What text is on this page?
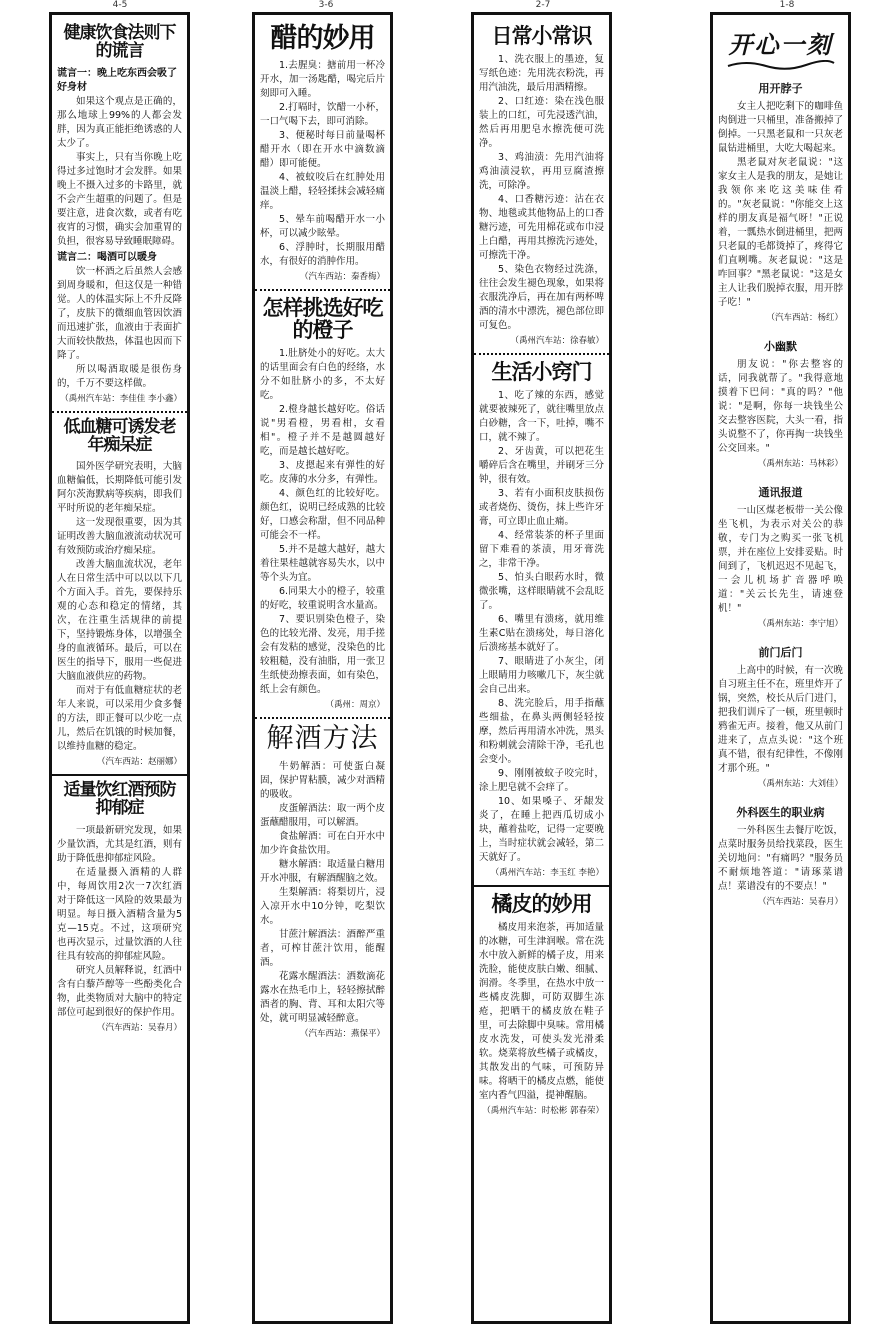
4-5	3-6	2-7	1-8
健康饮食法则下的谎言

谎言一：晚上吃东西会吸了好身材

如果这个观点是正确的，那么地球上99%的人都会发胖，因为真正能拒绝诱惑的人太少了。

事实上，只有当你晚上吃得过多过饱时才会发胖。如果晚上不摄入过多的卡路里，就不会产生超重的问题了。但是要注意，进食次数，或者有吃夜宵的习惯，确实会加重胃的负担，很容易导致睡眠障碍。

谎言二：喝酒可以暖身

饮一杯酒之后虽然人会感到周身暖和，但这仅是一种错觉。人的体温实际上不升反降了，皮肤下的微细血管因饮酒而迅速扩张，血液由于表面扩大而较快散热，体温也因而下降了。

所以喝酒取暖是很伤身的，千万不要这样做。

（禹州汽车站：李佳佳 李小鑫）

低血糖可诱发老年痴呆症

国外医学研究表明，大脑血糖偏低，长期降低可能引发阿尔茨海默病等疾病，即我们平时所说的老年痴呆症。

这一发现很重要，因为其证明改善大脑血液流动状况可有效预防或治疗痴呆症。

改善大脑血流状况，老年人在日常生活中可以以以下几个方面入手。首先，要保持乐观的心态和稳定的情绪，其次，在注重生活规律的前提下，坚持锻炼身体，以增强全身的血液循环。最后，可以在医生的指导下，服用一些促进大脑血液供应的药物。

而对于有低血糖症状的老年人来说，可以采用少食多餐的方法，即正餐可以少吃一点儿，然后在饥饿的时候加餐，以维持血糖的稳定。

（汽车西站：赵丽娜）

适量饮红酒预防抑郁症

一项最新研究发现，如果少量饮酒，尤其是红酒，则有助于降低患抑郁症风险。

在适量摄入酒精的人群中，每周饮用2次一7次红酒对于降低这一风险的效果最为明显。每日摄入酒精含量为5克—15克。不过，这项研究也再次显示，过量饮酒的人往往具有较高的抑郁症风险。

研究人员解释说，红酒中含有白藜芦醇等一些酚类化合物，此类物质对大脑中的特定部位可起到很好的保护作用。

（汽车西站：吴春月）

醋的妙用

1.去腥臭：搪前用一杯冷开水，加一汤匙醋，喝完后片刻即可入睡。

2.打嗝时，饮醋一小杯，一口气喝下去，即可消除。

3、便秘时每日前量喝杯醋开水（即在开水中滴数滴醋）即可能便。

4、被蚊咬后在红肿处用温淡上醋，轻轻揉抹会减轻痛痒。

5、晕车前喝醋开水一小杯，可以减少眩晕。

6、浮肿时，长期服用醋水，有很好的消肿作用。

（汽车西站：秦香梅）

怎样挑选好吃的橙子

1.肚脐处小的好吃。太大的话里面会有白色的经络，水分不如肚脐小的多，不太好吃。

2.橙身越长越好吃。俗话说"男看橙，男看柑，女看相"。橙子并不是越圆越好吃，而是越长越好吃。

3、皮摁起来有弹性的好吃。皮薄的水分多，有弹性。

4、颜色红的比较好吃。颜色红，说明已经成熟的比较好，口感会称甜，但不同品种可能会不一样。

5.并不是越大越好，越大着往果桂越就容易失水，以中等个头为宜。

6.同果大小的橙子，较重的好吃，较重说明含水量高。

7、要识别染色橙子，染色的比较光滑、发亮，用手搓会有发粘的感觉，没染色的比较粗糙，没有油脂，用一张卫生纸使劲擦表面，如有染色，纸上会有颜色。

（禹州：周京）

解酒方法

牛奶解酒：可使蛋白凝固，保护胃粘膜，减少对酒精的吸收。

皮蛋解酒法：取一两个皮蛋蘸醋服用，可以解酒。

食盐解酒：可在白开水中加少许食盐饮用。

糖水解酒：取适量白糖用开水冲服，有解酒醒脑之效。

生梨解酒：将梨切片，浸入凉开水中10分钟，吃梨饮水。

甘蔗汁解酒法：酒醉严重者，可榨甘蔗汁饮用，能醒酒。

花露水醒酒法：洒数滴花露水在热毛巾上，轻轻擦拭醉酒者的胸、背、耳和太阳穴等处，就可明显减轻醉意。

（汽车西站：燕保平）

日常小常识

1、洗衣服上的墨迹，复写纸色迹：先用洗衣粉洗，再用汽油洗，最后用酒精擦。

2、口红迹：染在浅色服装上的口红，可先浸透汽油，然后再用肥皂水擦洗便可洗净。

3、鸡油渍：先用汽油将鸡油渍浸软，再用豆腐渣擦洗，可除净。

4、口香糖污迹：沾在衣物、地毯或其他物品上的口香糖污迹，可先用棉花或布巾浸上白醋，再用其擦洗污迹处，可擦洗干净。

5、染色衣物经过洗涤，往往会发生褪色现象，如果将衣服洗净后，再在加有两杯啤酒的清水中漂洗，褪色部位即可复色。

（禹州汽车站：徐春敏）

生活小窍门

1、吃了辣的东西，感觉就要被辣死了，就往嘴里放点白砂糖，含一下，吐掉，嘴不口，就不辣了。

2、牙齿黄，可以把花生嚼碎后含在嘴里，并刷牙三分钟，很有效。

3、若有小面积皮肤损伤或者烧伤、烫伤，抹上些许牙膏，可立即止血止痛。

4、经常装茶的杯子里面留下难看的茶渍，用牙膏洗之，非常干净。

5、怕头白眼药水时，微微张嘴，这样眼睛就不会乱眨了。

6、嘴里有溃疡，就用维生素C贴在溃疡处，每日溶化后溃疡基本就好了。

7、眼睛进了小灰尘，闭上眼睛用力咳嗽几下，灰尘就会自己出来。

8、洗完脸后，用手指蘸些细盐，在鼻头两侧轻轻按摩，然后再用清水冲洗，黑头和粉刺就会清除干净，毛孔也会变小。

9、刚刚被蚊子咬完时，涂上肥皂就不会痒了。

10、如果嗓子、牙龈发炎了，在睡上把西瓜切成小块，蘸着盐吃，记得一定要晚上，当时症状就会减轻，第二天就好了。

（禹州汽车站：李玉红 李艳）

橘皮的妙用

橘皮用来泡茶，再加适量的冰糖，可生津润喉。常在洗水中放入新鲜的橘子皮，用来洗脸，能使皮肤白嫩、细腻、润滑。冬季里，在热水中放一些橘皮洗脚，可防双脚生冻疮，把晒干的橘皮放在鞋子里，可去除脚中臭味。常用橘皮水洗发，可使头发光滑柔软。烧菜将放些橘子或橘皮，其散发出的气味，可预防异味。将晒干的橘皮点燃，能使室内香气四溢，提神醒脑。

（禹州汽车站：时松彬 郭春荣）

开心一刻
用开脖子

女主人把吃剩下的咖啡鱼肉倒进一只桶里，准备搬掉了倒掉。一只黑老鼠和一只灰老鼠钻进桶里，大吃大喝起来。

黑老鼠对灰老鼠说："这家女主人是我的朋友，是她让我领你来吃这美味佳肴的。"灰老鼠说："你能交上这样的朋友真是福气呀！"正说着，一瓢热水倒进桶里，把两只老鼠的毛都烫掉了，疼得它们直咧嘴。灰老鼠说："这是咋回事？"黑老鼠说："这是女主人让我们脱掉衣服，用开脖子吃！"

（汽车西站：杨红）

小幽默

朋友说："你去整容的话，同我就帮了。"我得意地摸着下巴问："真的吗？"他说："是啊，你每一块钱坐公交去整容医院，大头一看，指头说整不了，你再掏一块钱坐公交回来。"

（禹州东站：马林彩）

通讯报道

一山区煤老板带一关公像坐飞机，为表示对关公的恭敬，专门为之购买一张飞机票，并在座位上安排妥贴。时间到了，飞机迟迟不见起飞，一会儿机场扩音器呼唤道："关云长先生，请速登机！"

（禹州东站：李宁旭）

前门后门

上高中的时候，有一次晚自习班主任不在，班里炸开了锅，突然，校长从后门进门，把我们训斥了一顿，班里顿时鸦雀无声。接着，他又从前门进来了，点点头说："这个班真不错，很有纪律性，不像刚才那个班。"

（禹州东站：大刘佳）

外科医生的职业病

一外科医生去餐厅吃饭，点菜时服务员给找菜段，医生关切地问："有痛吗？"服务员不耐烦地答道："请琢菜谱点！菜谱没有的不要点！"

（汽车西站：吴春月）
